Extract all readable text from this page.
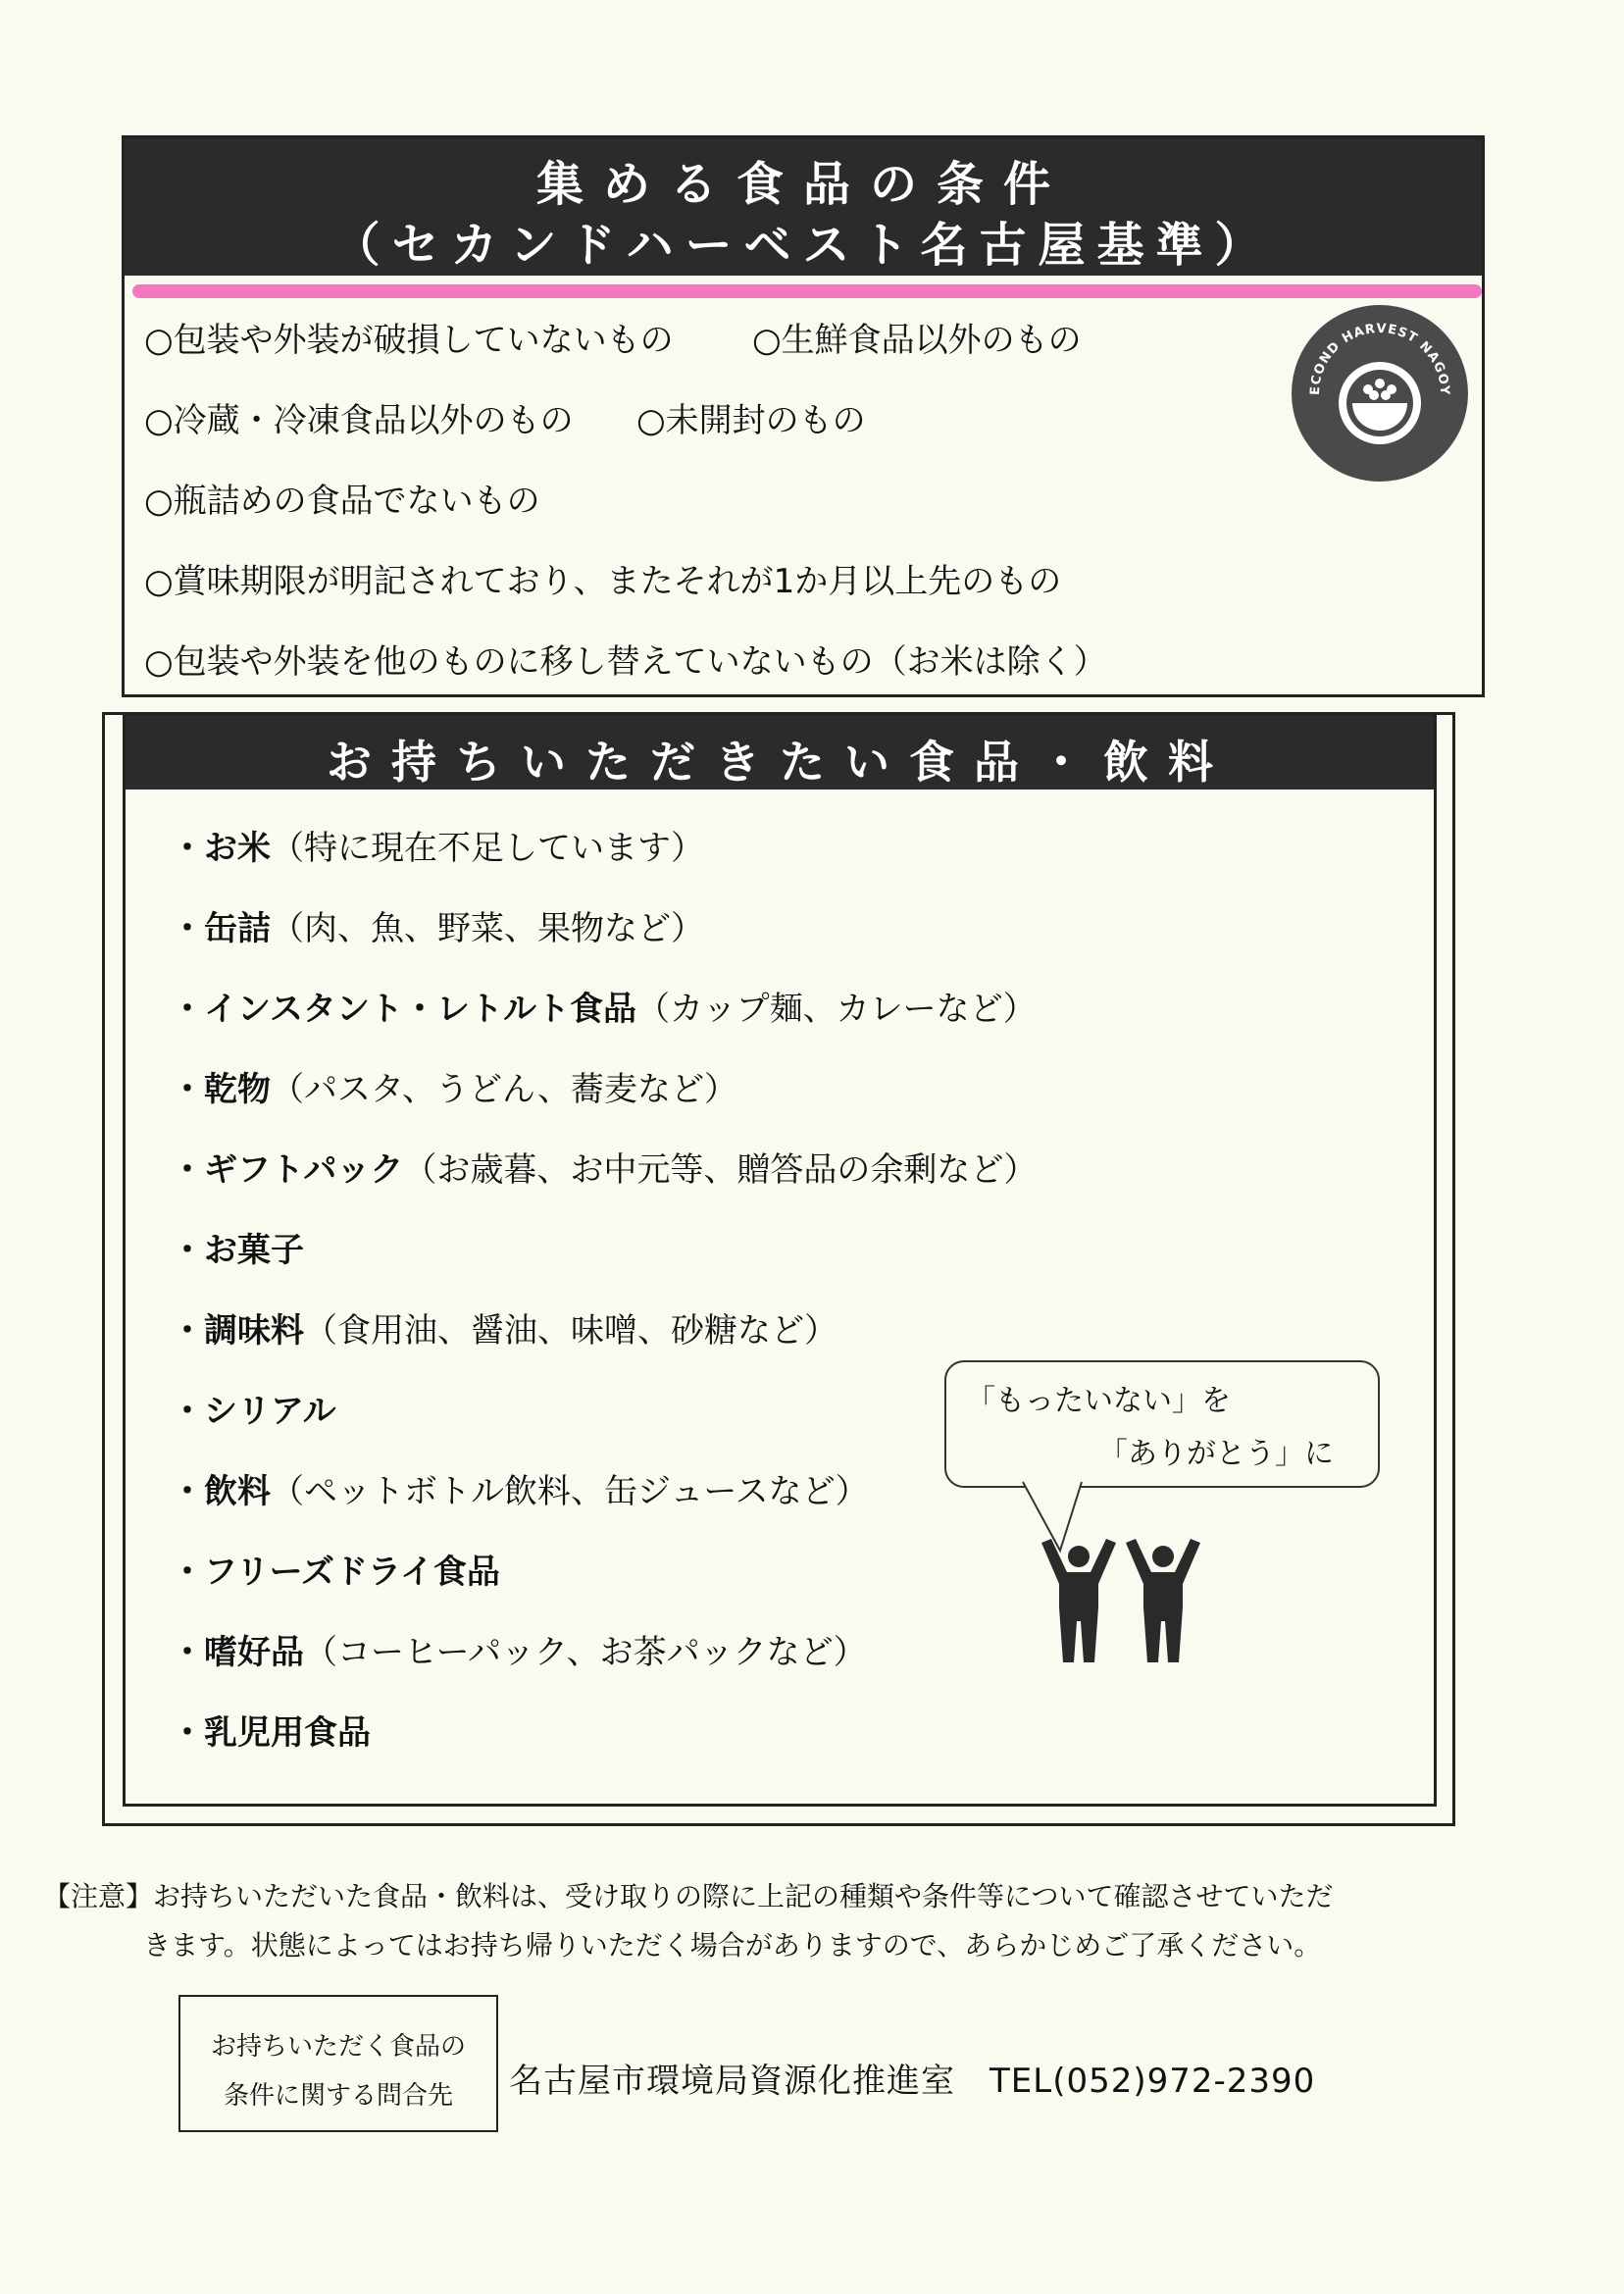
集める食品の条件
（セカンドハーベスト名古屋基準）
○包装や外装が破損していないもの ○生鮮食品以外のもの
○冷蔵・冷凍食品以外のもの ○未開封のもの
○瓶詰めの食品でないもの
○賞味期限が明記されており、またそれが1か月以上先のもの
○包装や外装を他のものに移し替えていないもの（お米は除く）
ECOND HARVEST NAGOY
お持ちいただきたい食品・飲料
・お米（特に現在不足しています）
・缶詰（肉、魚、野菜、果物など）
・インスタント・レトルト食品（カップ麺、カレーなど）
・乾物（パスタ、うどん、蕎麦など）
・ギフトパック（お歳暮、お中元等、贈答品の余剰など）
・お菓子
・調味料（食用油、醤油、味噌、砂糖など）
・シリアル
・飲料（ペットボトル飲料、缶ジュースなど）
・フリーズドライ食品
・嗜好品（コーヒーパック、お茶パックなど）
・乳児用食品
「もったいない」を
「ありがとう」に
【注意】お持ちいただいた食品・飲料は、受け取りの際に上記の種類や条件等について確認させていただ
きます。状態によってはお持ち帰りいただく場合がありますので、あらかじめご了承ください。
お持ちいただく食品の
条件に関する問合先	名古屋市環境局資源化推進室　TEL(052)972-2390
